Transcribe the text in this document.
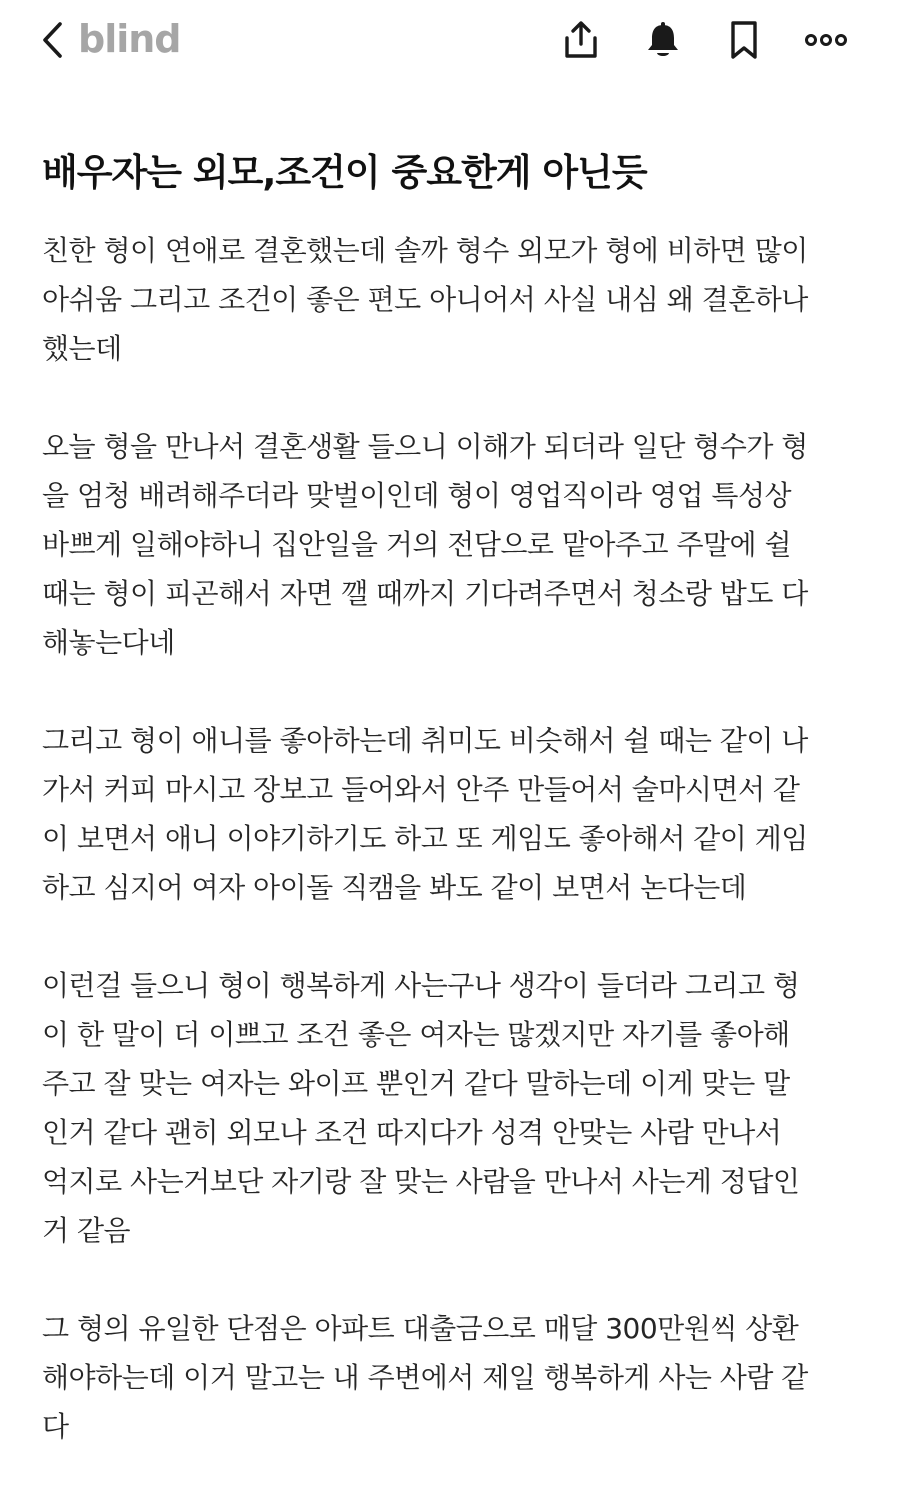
blind
배우자는 외모,조건이 중요한게 아닌듯

친한 형이 연애로 결혼했는데 솔까 형수 외모가 형에 비하면 많이
아쉬움 그리고 조건이 좋은 편도 아니어서 사실 내심 왜 결혼하나
했는데

오늘 형을 만나서 결혼생활 들으니 이해가 되더라 일단 형수가 형
을 엄청 배려해주더라 맞벌이인데 형이 영업직이라 영업 특성상
바쁘게 일해야하니 집안일을 거의 전담으로 맡아주고 주말에 쉴
때는 형이 피곤해서 자면 깰 때까지 기다려주면서 청소랑 밥도 다
해놓는다네

그리고 형이 애니를 좋아하는데 취미도 비슷해서 쉴 때는 같이 나
가서 커피 마시고 장보고 들어와서 안주 만들어서 술마시면서 같
이 보면서 애니 이야기하기도 하고 또 게임도 좋아해서 같이 게임
하고 심지어 여자 아이돌 직캠을 봐도 같이 보면서 논다는데

이런걸 들으니 형이 행복하게 사는구나 생각이 들더라 그리고 형
이 한 말이 더 이쁘고 조건 좋은 여자는 많겠지만 자기를 좋아해
주고 잘 맞는 여자는 와이프 뿐인거 같다 말하는데 이게 맞는 말
인거 같다 괜히 외모나 조건 따지다가 성격 안맞는 사람 만나서
억지로 사는거보단 자기랑 잘 맞는 사람을 만나서 사는게 정답인
거 같음

그 형의 유일한 단점은 아파트 대출금으로 매달 300만원씩 상환
해야하는데 이거 말고는 내 주변에서 제일 행복하게 사는 사람 같
다
